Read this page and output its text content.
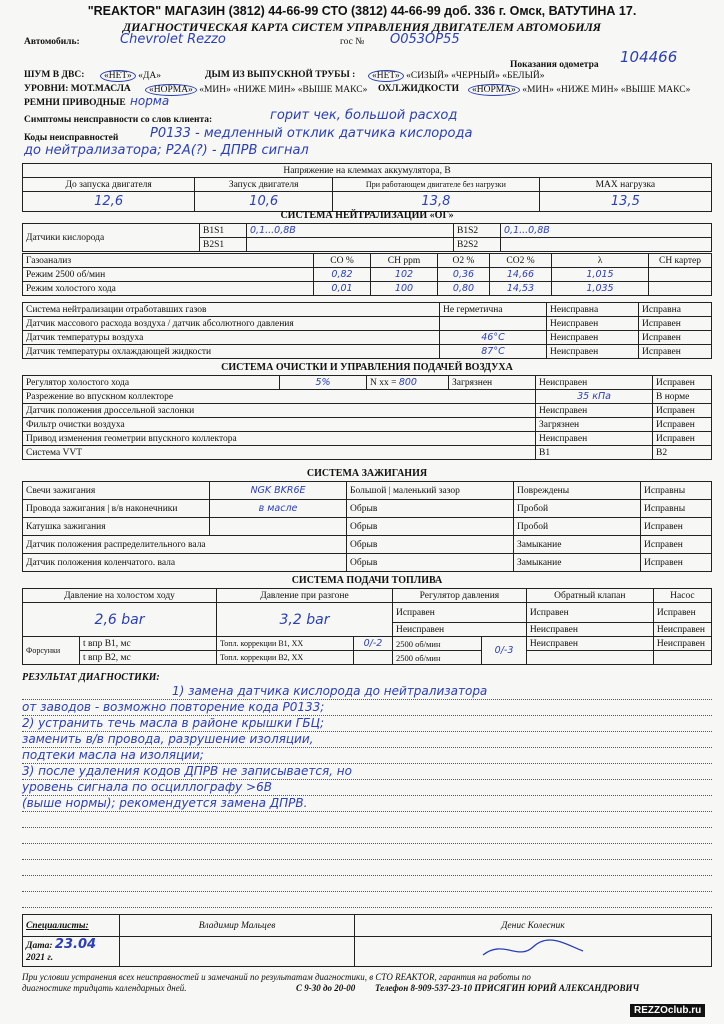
"REAKTOR" МАГАЗИН (3812) 44-66-99 СТО (3812) 44-66-99 доб. 336 г. Омск, ВАТУТИНА 17.
ДИАГНОСТИЧЕСКАЯ КАРТА СИСТЕМ УПРАВЛЕНИЯ ДВИГАТЕЛЕМ АВТОМОБИЛЯ
Автомобиль:	Chevrolet Rezzo	гос № О053ОР55
Показания одометра 104466
ШУМ В ДВС:	«НЕТ» «ДА»	ДЫМ ИЗ ВЫПУСКНОЙ ТРУБЫ :	«НЕТ» «СИЗЫЙ» «ЧЕРНЫЙ» «БЕЛЫЙ»
УРОВНИ: МОТ.МАСЛА	«НОРМА» «МИН» «НИЖЕ МИН» «ВЫШЕ МАКС» ОХЛ.ЖИДКОСТИ	«НОРМА» «МИН» «НИЖЕ МИН» «ВЫШЕ МАКС»
РЕМНИ ПРИВОДНЫЕ норма
Симптомы неисправности со слов клиента:	горит чек, большой расход
Коды неисправностей Р0133 - медленный отклик датчика кислорода
до нейтрализатора; Р2A(?) - ДПРВ сигнал
Напряжение на клеммах аккумулятора, В			
До запуска двигателя	Запуск двигателя	При работающем двигателе без нагрузки	MAX нагрузка
12,6	10,6	13,8	13,5
СИСТЕМА НЕЙТРАЛИЗАЦИИ «ОГ»
Датчики кислорода	B1S1	0,1...0,8В	B1S2	0,1...0,8В
	B2S1		B2S2	
Газоанализ	CO %	CH ppm	O2 %	CO2 %	λ	CH картер
Режим 2500 об/мин	0,82	102	0,36	14,66	1,015	
Режим холостого хода	0,01	100	0,80	14,53	1,035	
Система нейтрализации отработавших газов	Не герметична	Неисправна	Исправна
Датчик массового расхода воздуха / датчик абсолютного давления		Неисправен	Исправен
Датчик температуры воздуха	46°C	Неисправен	Исправен
Датчик температуры охлаждающей жидкости	87°C	Неисправен	Исправен
СИСТЕМА ОЧИСТКИ И УПРАВЛЕНИЯ ПОДАЧЕЙ ВОЗДУХА
Регулятор холостого хода	5%	N хх = 800	Загрязнен	Неисправен	Исправен
Разрежение во впускном коллекторе				35 кПа	В норме
Датчик положения дроссельной заслонки				Неисправен	Исправен
Фильтр очистки воздуха				Загрязнен	Исправен
Привод изменения геометрии впускного коллектора				Неисправен	Исправен
Система VVT				B1	B2
СИСТЕМА ЗАЖИГАНИЯ
Свечи зажигания	NGK BKR6E	Большой | маленький зазор	Повреждены	Исправны
Провода зажигания | в/в наконечники	в масле	Обрыв	Пробой	Исправны
Катушка зажигания		Обрыв	Пробой	Исправен
Датчик положения распределительного вала		Обрыв	Замыкание	Исправен
Датчик положения коленчатого. вала		Обрыв	Замыкание	Исправен
СИСТЕМА ПОДАЧИ ТОПЛИВА
Давление на холостом ходу		Давление при разгоне		Регулятор давления		Обратный клапан	Насос
2,6 bar		3,2 bar		Исправен		Исправен	Исправен
				Неисправен		Неисправен	Неисправен
Форсунки	t впр B1, мс	Топл. коррекции B1, XX	0/-2	2500 об/мин	0/-3	Неисправен	Неисправен
	t впр B2, мс	Топл. коррекции B2, XX		2500 об/мин			
РЕЗУЛЬТАТ ДИАГНОСТИКИ:
1) замена датчика кислорода до нейтрализатора
от заводов - возможно повторение кода Р0133;
2) устранить течь масла в районе крышки ГБЦ;
заменить в/в провода, разрушение изоляции,
подтеки масла на изоляции;
3) после удаления кодов ДПРВ не записывается, но
уровень сигнала по осциллографу >6В
(выше нормы); рекомендуется замена ДПРВ.
Специалисты:	Владимир Мальцев	Денис Колесник
Дата: 23.04
2021 г.		
При условии устранения всех неисправностей и замечаний по результатам диагностики, в СТО REAKTOR, гарантия на работы по
диагностике тридцать календарных дней.	С 9-30 до 20-00 Телефон 8-909-537-23-10 ПРИСЯГИН ЮРИЙ АЛЕКСАНДРОВИЧ
REZZOclub.ru
